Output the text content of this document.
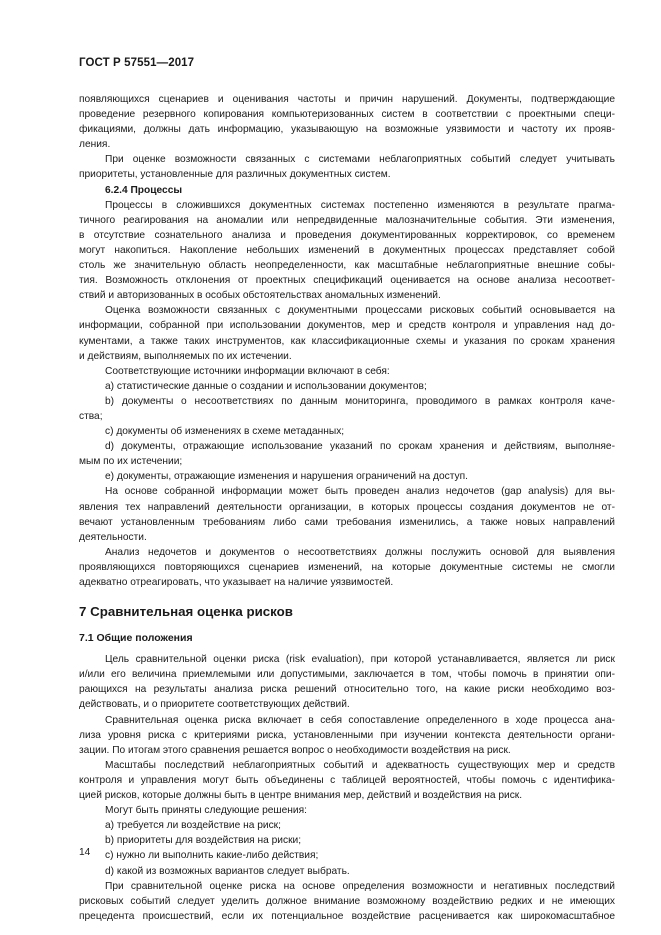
ГОСТ Р 57551—2017
появляющихся сценариев и оценивания частоты и причин нарушений. Документы, подтверждающие
проведение резервного копирования компьютеризованных систем в соответствии с проектными специ-
фикациями, должны дать информацию, указывающую на возможные уязвимости и частоту их прояв-
ления.
При оценке возможности связанных с системами неблагоприятных событий следует учитывать
приоритеты, установленные для различных документных систем.
6.2.4 Процессы
Процессы в сложившихся документных системах постепенно изменяются в результате прагма-
тичного реагирования на аномалии или непредвиденные малозначительные события. Эти изменения,
в отсутствие сознательного анализа и проведения документированных корректировок, со временем
могут накопиться. Накопление небольших изменений в документных процессах представляет собой
столь же значительную область неопределенности, как масштабные неблагоприятные внешние собы-
тия. Возможность отклонения от проектных спецификаций оценивается на основе анализа несоответ-
ствий и авторизованных в особых обстоятельствах аномальных изменений.
Оценка возможности связанных с документными процессами рисковых событий основывается на
информации, собранной при использовании документов, мер и средств контроля и управления над до-
кументами, а также таких инструментов, как классификационные схемы и указания по срокам хранения
и действиям, выполняемых по их истечении.
Соответствующие источники информации включают в себя:
a) статистические данные о создании и использовании документов;
b) документы о несоответствиях по данным мониторинга, проводимого в рамках контроля каче-
ства;
c) документы об изменениях в схеме метаданных;
d) документы, отражающие использование указаний по срокам хранения и действиям, выполняе-
мым по их истечении;
e) документы, отражающие изменения и нарушения ограничений на доступ.
На основе собранной информации может быть проведен анализ недочетов (gap analysis) для вы-
явления тех направлений деятельности организации, в которых процессы создания документов не от-
вечают установленным требованиям либо сами требования изменились, а также новых направлений
деятельности.
Анализ недочетов и документов о несоответствиях должны послужить основой для выявления
проявляющихся повторяющихся сценариев изменений, на которые документные системы не смогли
адекватно отреагировать, что указывает на наличие уязвимостей.
7 Сравнительная оценка рисков
7.1 Общие положения
Цель сравнительной оценки риска (risk evaluation), при которой устанавливается, является ли риск
и/или его величина приемлемыми или допустимыми, заключается в том, чтобы помочь в принятии опи-
рающихся на результаты анализа риска решений относительно того, на какие риски необходимо воз-
действовать, и о приоритете соответствующих действий.
Сравнительная оценка риска включает в себя сопоставление определенного в ходе процесса ана-
лиза уровня риска с критериями риска, установленными при изучении контекста деятельности органи-
зации. По итогам этого сравнения решается вопрос о необходимости воздействия на риск.
Масштабы последствий неблагоприятных событий и адекватность существующих мер и средств
контроля и управления могут быть объединены с таблицей вероятностей, чтобы помочь с идентифика-
цией рисков, которые должны быть в центре внимания мер, действий и воздействия на риск.
Могут быть приняты следующие решения:
a) требуется ли воздействие на риск;
b) приоритеты для воздействия на риски;
c) нужно ли выполнить какие-либо действия;
d) какой из возможных вариантов следует выбрать.
При сравнительной оценке риска на основе определения возможности и негативных последствий
рисковых событий следует уделить должное внимание возможному воздействию редких и не имеющих
прецедента происшествий, если их потенциальное воздействие расценивается как широкомасштабное
14
